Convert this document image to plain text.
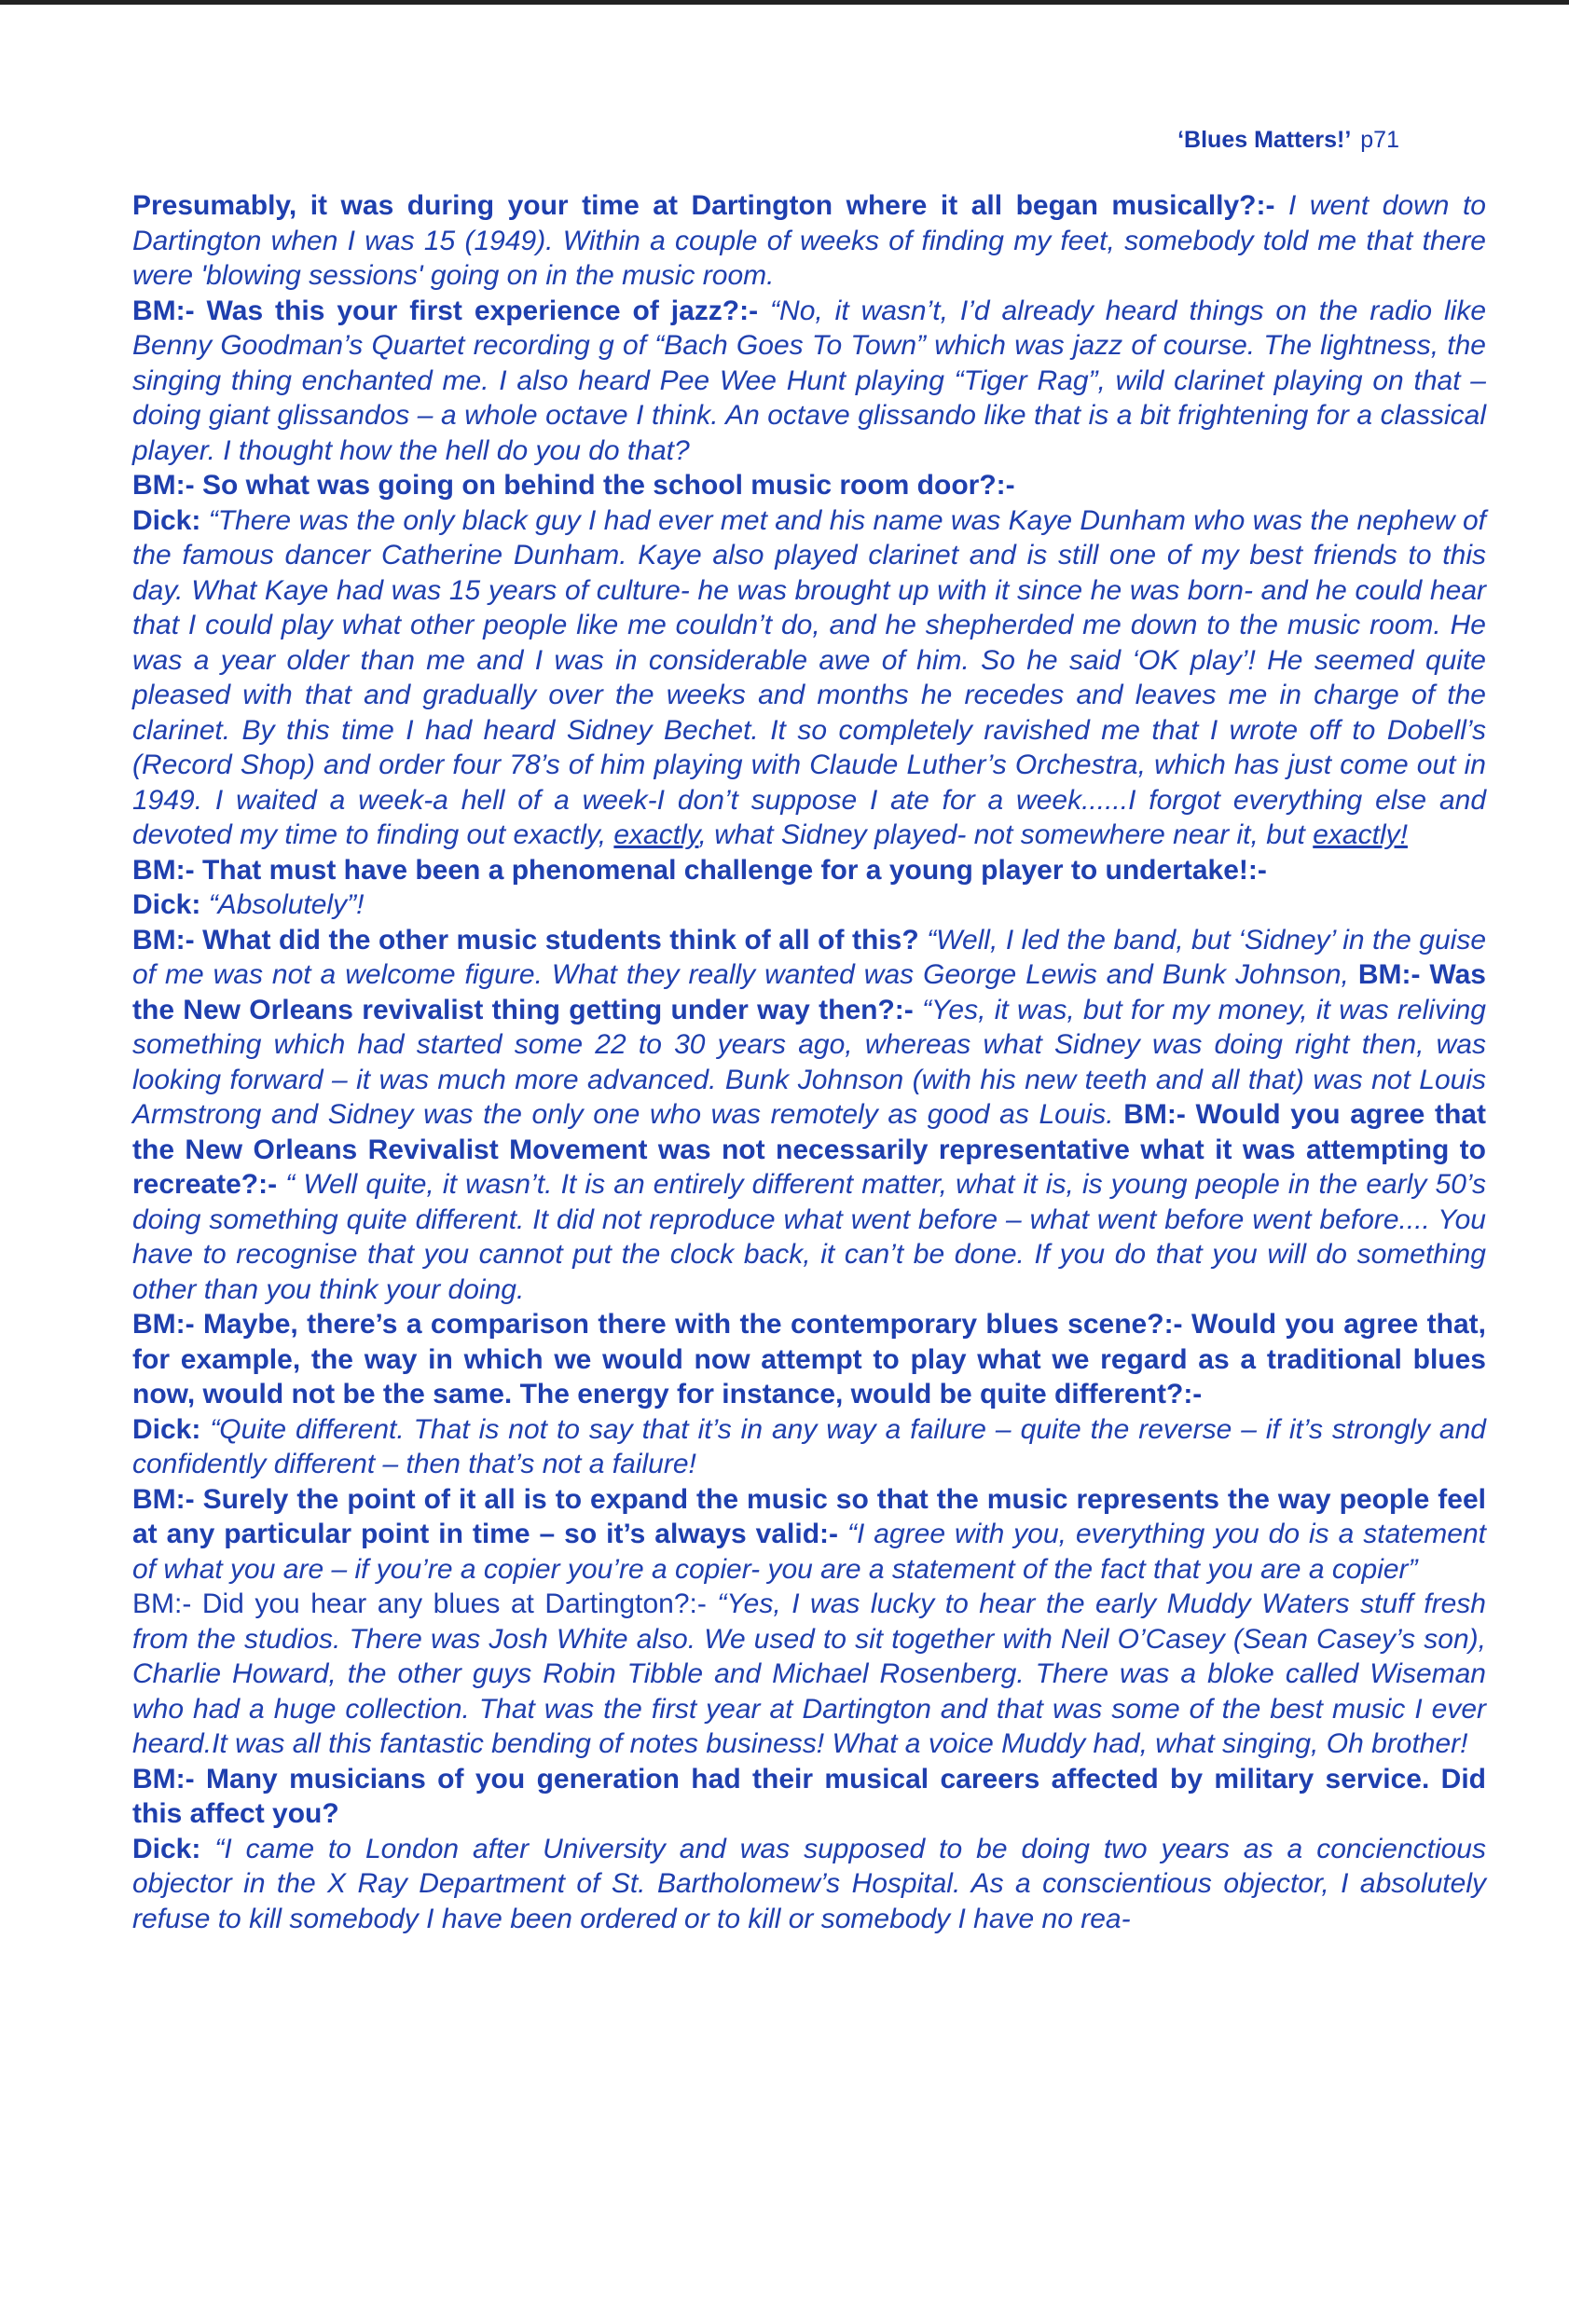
‘Blues Matters!’ p71

Presumably, it was during your time at Dartington where it all began musically?:- I went down to Dartington when I was 15 (1949). Within a couple of weeks of finding my feet, somebody told me that there were 'blowing sessions' going on in the music room.

BM:- Was this your first experience of jazz?:- “No, it wasn’t, I’d already heard things on the radio like Benny Goodman’s Quartet recording g of “Bach Goes To Town” which was jazz of course. The lightness, the singing thing enchanted me. I also heard Pee Wee Hunt playing “Tiger Rag”, wild clarinet playing on that – doing giant glissandos – a whole octave I think. An octave glissando like that is a bit frightening for a classical player. I thought how the hell do you do that?

BM:- So what was going on behind the school music room door?:-

Dick: “There was the only black guy I had ever met and his name was Kaye Dunham who was the nephew of the famous dancer Catherine Dunham. Kaye also played clarinet and is still one of my best friends to this day. What Kaye had was 15 years of culture- he was brought up with it since he was born- and he could hear that I could play what other people like me couldn’t do, and he shepherded me down to the music room. He was a year older than me and I was in considerable awe of him. So he said ‘OK play’! He seemed quite pleased with that and gradually over the weeks and months he recedes and leaves me in charge of the clarinet. By this time I had heard Sidney Bechet. It so completely ravished me that I wrote off to Dobell’s (Record Shop) and order four 78’s of him playing with Claude Luther’s Orchestra, which has just come out in 1949. I waited a week-a hell of a week-I don’t suppose I ate for a week......I forgot everything else and devoted my time to finding out exactly, exactly, what Sidney played- not somewhere near it, but exactly!

BM:- That must have been a phenomenal challenge for a young player to undertake!:-

Dick: “Absolutely”!

BM:- What did the other music students think of all of this? “Well, I led the band, but ‘Sidney’ in the guise of me was not a welcome figure. What they really wanted was George Lewis and Bunk Johnson, BM:- Was the New Orleans revivalist thing getting under way then?:- “Yes, it was, but for my money, it was reliving something which had started some 22 to 30 years ago, whereas what Sidney was doing right then, was looking forward – it was much more advanced. Bunk Johnson (with his new teeth and all that) was not Louis Armstrong and Sidney was the only one who was remotely as good as Louis. BM:- Would you agree that the New Orleans Revivalist Movement was not necessarily representative what it was attempting to recreate?:- “ Well quite, it wasn’t. It is an entirely different matter, what it is, is young people in the early 50’s doing something quite different. It did not reproduce what went before – what went before went before.... You have to recognise that you cannot put the clock back, it can’t be done. If you do that you will do something other than you think your doing.

BM:- Maybe, there’s a comparison there with the contemporary blues scene?:- Would you agree that, for example, the way in which we would now attempt to play what we regard as a traditional blues now, would not be the same. The energy for instance, would be quite different?:-

Dick: “Quite different. That is not to say that it’s in any way a failure – quite the reverse – if it’s strongly and confidently different – then that’s not a failure!

BM:- Surely the point of it all is to expand the music so that the music represents the way people feel at any particular point in time – so it’s always valid:- “I agree with you, everything you do is a statement of what you are – if you’re a copier you’re a copier- you are a statement of the fact that you are a copier”

BM:- Did you hear any blues at Dartington?:- “Yes, I was lucky to hear the early Muddy Waters stuff fresh from the studios. There was Josh White also. We used to sit together with Neil O’Casey (Sean Casey’s son), Charlie Howard, the other guys Robin Tibble and Michael Rosenberg. There was a bloke called Wiseman who had a huge collection. That was the first year at Dartington and that was some of the best music I ever heard.It was all this fantastic bending of notes business! What a voice Muddy had, what singing, Oh brother!

BM:- Many musicians of you generation had their musical careers affected by military service. Did this affect you?

Dick: “I came to London after University and was supposed to be doing two years as a concienctious objector in the X Ray Department of St. Bartholomew’s Hospital. As a conscientious objector, I absolutely refuse to kill somebody I have been ordered or to kill or somebody I have no rea-
